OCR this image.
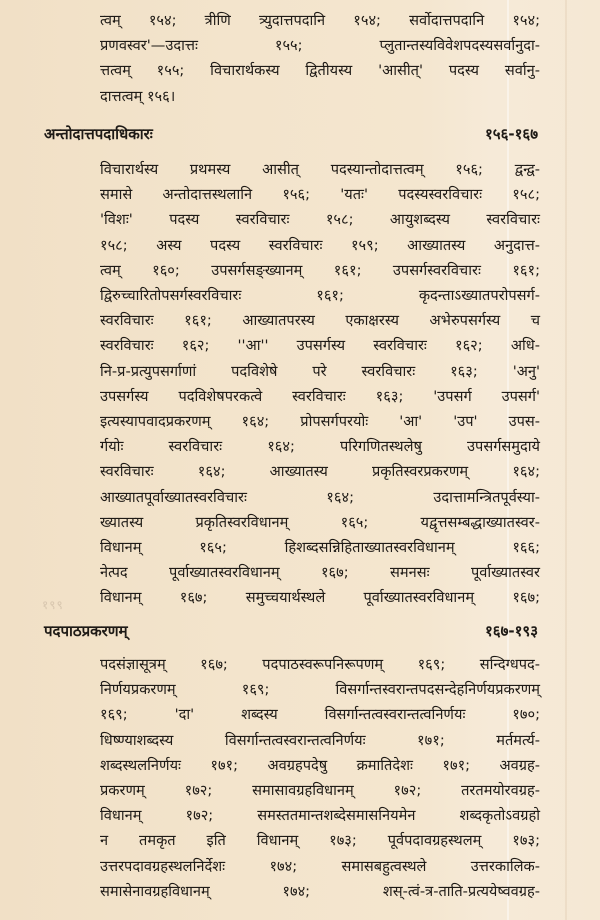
१९९
त्वम् १५४; त्रीणि त्र्युदात्तपदानि १५४; सर्वोदात्तपदानि १५४;
प्रणवस्वर'—उदात्तः १५५; प्लुतान्तस्यविवेशपदस्यसर्वानुदा-
त्तत्वम् १५५; विचारार्थकस्य द्वितीयस्य 'आसीत्' पदस्य सर्वानु-
दात्तत्वम् १५६।
अन्तोदात्तपदाधिकारः	१५६-१६७
विचारार्थस्य प्रथमस्य आसीत् पदस्यान्तोदात्तत्वम् १५६; द्वन्द्व-
समासे अन्तोदात्तस्थलानि १५६; 'यतः' पदस्यस्वरविचारः १५८;
'विशः' पदस्य स्वरविचारः १५८; आयुशब्दस्य स्वरविचारः
१५८; अस्य पदस्य स्वरविचारः १५९; आख्यातस्य अनुदात्त-
त्वम् १६०; उपसर्गसङ्ख्यानम् १६१; उपसर्गस्वरविचारः १६१;
द्विरुच्चारितोपसर्गस्वरविचारः १६१; कृदन्ताऽख्यातपरोपसर्ग-
स्वरविचारः १६१; आख्यातपरस्य एकाक्षरस्य अभेरुपसर्गस्य च
स्वरविचारः १६२; ''आ'' उपसर्गस्य स्वरविचारः १६२; अधि-
नि-प्र-प्रत्युपसर्गाणां पदविशेषे परे स्वरविचारः १६३; 'अनु'
उपसर्गस्य पदविशेषपरकत्वे स्वरविचारः १६३; 'उपसर्ग उपसर्ग'
इत्यस्यापवादप्रकरणम् १६४; प्रोपसर्गपरयोः 'आ' 'उप' उपस-
र्गयोः स्वरविचारः १६४; परिगणितस्थलेषु उपसर्गसमुदाये
स्वरविचारः १६४; आख्यातस्य प्रकृतिस्वरप्रकरणम् १६४;
आख्यातपूर्वाख्यातस्वरविचारः १६४; उदात्तामन्त्रितपूर्वस्या-
ख्यातस्य प्रकृतिस्वरविधानम् १६५; यद्वृत्तसम्बद्धाख्यातस्वर-
विधानम् १६५; हिशब्दसन्निहिताख्यातस्वरविधानम् १६६;
नेत्पद पूर्वाख्यातस्वरविधानम् १६७; समनसः पूर्वाख्यातस्वर
विधानम् १६७; समुच्चयार्थस्थले पूर्वाख्यातस्वरविधानम् १६७;
पदपाठप्रकरणम्	१६७-१९३
पदसंज्ञासूत्रम् १६७; पदपाठस्वरूपनिरूपणम् १६९; सन्दिग्धपद-
निर्णयप्रकरणम् १६९; विसर्गान्तस्वरान्तपदसन्देहनिर्णयप्रकरणम्
१६९; 'दा' शब्दस्य विसर्गान्तत्वस्वरान्तत्वनिर्णयः १७०;
धिष्ण्याशब्दस्य विसर्गान्तत्वस्वरान्तत्वनिर्णयः १७१; मर्तमर्त्य-
शब्दस्थलनिर्णयः १७१; अवग्रहपदेषु क्रमातिदेशः १७१; अवग्रह-
प्रकरणम् १७२; समासावग्रहविधानम् १७२; तरतमयोरवग्रह-
विधानम् १७२; समस्ततमान्तशब्देसमासनियमेन शब्दकृतोऽवग्रहो
न तमकृत इति विधानम् १७३; पूर्वपदावग्रहस्थलम् १७३;
उत्तरपदावग्रहस्थलनिर्देशः १७४; समासबहुत्वस्थले उत्तरकालिक-
समासेनावग्रहविधानम् १७४; शस्-त्वं-त्र-ताति-प्रत्ययेष्ववग्रह-
